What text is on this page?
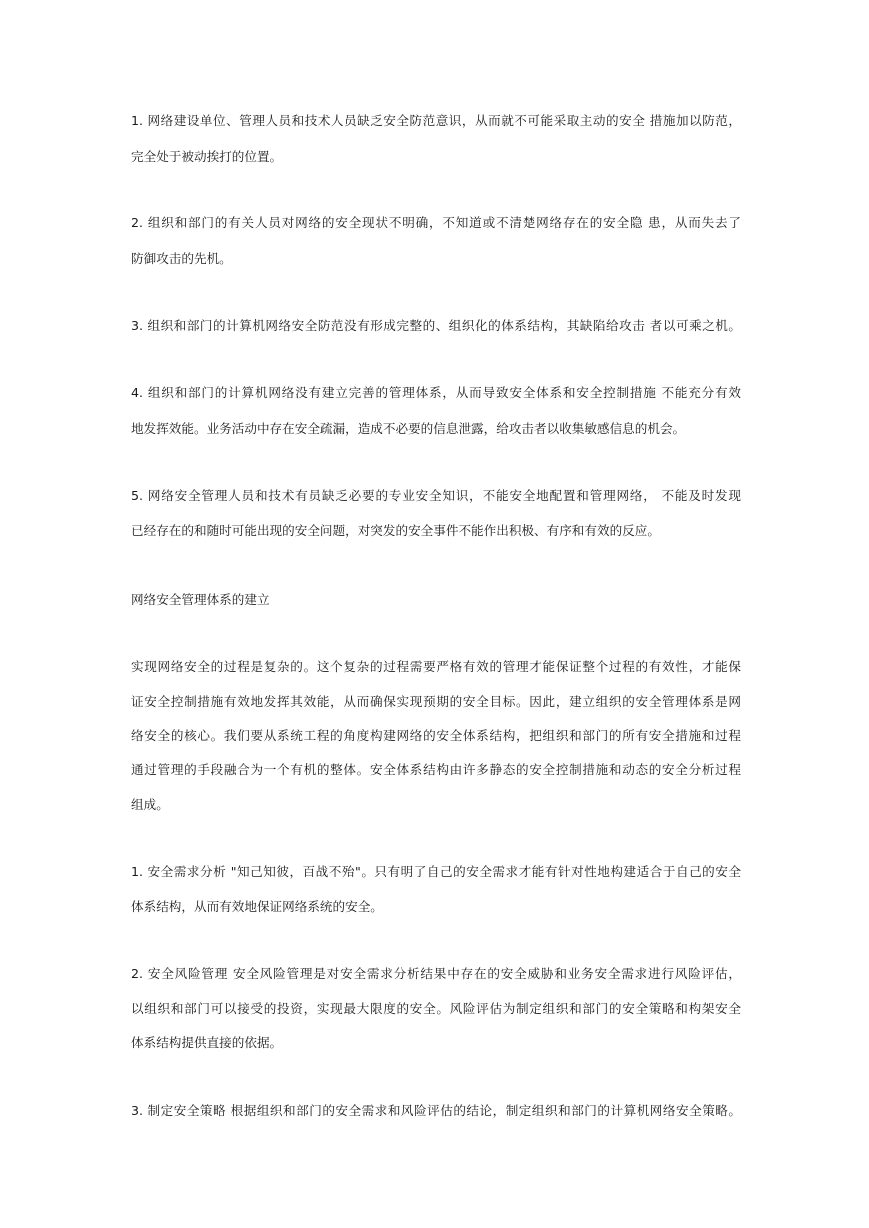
1. 网络建设单位、管理人员和技术人员缺乏安全防范意识，从而就不可能采取主动的安全 措施加以防范，

完全处于被动挨打的位置。

2. 组织和部门的有关人员对网络的安全现状不明确，不知道或不清楚网络存在的安全隐 患，从而失去了

防御攻击的先机。

3. 组织和部门的计算机网络安全防范没有形成完整的、组织化的体系结构，其缺陷给攻击 者以可乘之机。

4. 组织和部门的计算机网络没有建立完善的管理体系，从而导致安全体系和安全控制措施 不能充分有效

地发挥效能。业务活动中存在安全疏漏，造成不必要的信息泄露，给攻击者以收集敏感信息的机会。

5. 网络安全管理人员和技术有员缺乏必要的专业安全知识，不能安全地配置和管理网络， 不能及时发现

已经存在的和随时可能出现的安全问题，对突发的安全事件不能作出积极、有序和有效的反应。

网络安全管理体系的建立

实现网络安全的过程是复杂的。这个复杂的过程需要严格有效的管理才能保证整个过程的有效性，才能保

证安全控制措施有效地发挥其效能，从而确保实现预期的安全目标。因此，建立组织的安全管理体系是网

络安全的核心。我们要从系统工程的角度构建网络的安全体系结构，把组织和部门的所有安全措施和过程

通过管理的手段融合为一个有机的整体。安全体系结构由许多静态的安全控制措施和动态的安全分析过程

组成。

1. 安全需求分析 "知己知彼，百战不殆"。只有明了自己的安全需求才能有针对性地构建适合于自己的安全

体系结构，从而有效地保证网络系统的安全。

2. 安全风险管理 安全风险管理是对安全需求分析结果中存在的安全威胁和业务安全需求进行风险评估，

以组织和部门可以接受的投资，实现最大限度的安全。风险评估为制定组织和部门的安全策略和构架安全

体系结构提供直接的依据。

3. 制定安全策略 根据组织和部门的安全需求和风险评估的结论，制定组织和部门的计算机网络安全策略。
